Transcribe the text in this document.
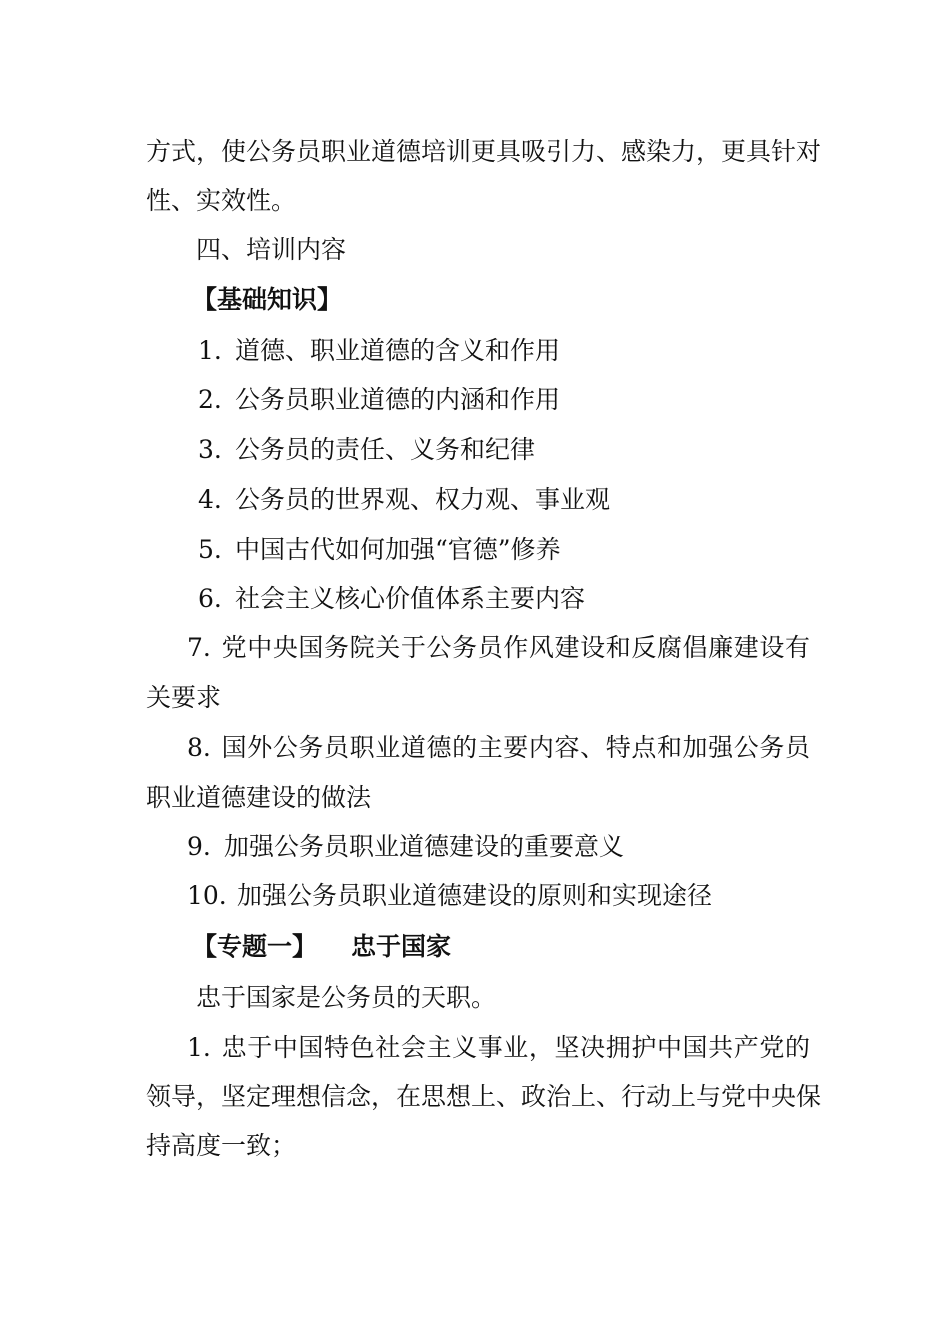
方式，使公务员职业道德培训更具吸引力、感染力，更具针对
性、实效性。
四、培训内容
【基础知识】
1. 道德、职业道德的含义和作用
2. 公务员职业道德的内涵和作用
3. 公务员的责任、义务和纪律
4. 公务员的世界观、权力观、事业观
5. 中国古代如何加强“官德”修养
6. 社会主义核心价值体系主要内容
7. 党中央国务院关于公务员作风建设和反腐倡廉建设有
关要求
8. 国外公务员职业道德的主要内容、特点和加强公务员
职业道德建设的做法
9. 加强公务员职业道德建设的重要意义
10. 加强公务员职业道德建设的原则和实现途径
【专题一】 忠于国家
忠于国家是公务员的天职。
1. 忠于中国特色社会主义事业，坚决拥护中国共产党的
领导，坚定理想信念，在思想上、政治上、行动上与党中央保
持高度一致；
